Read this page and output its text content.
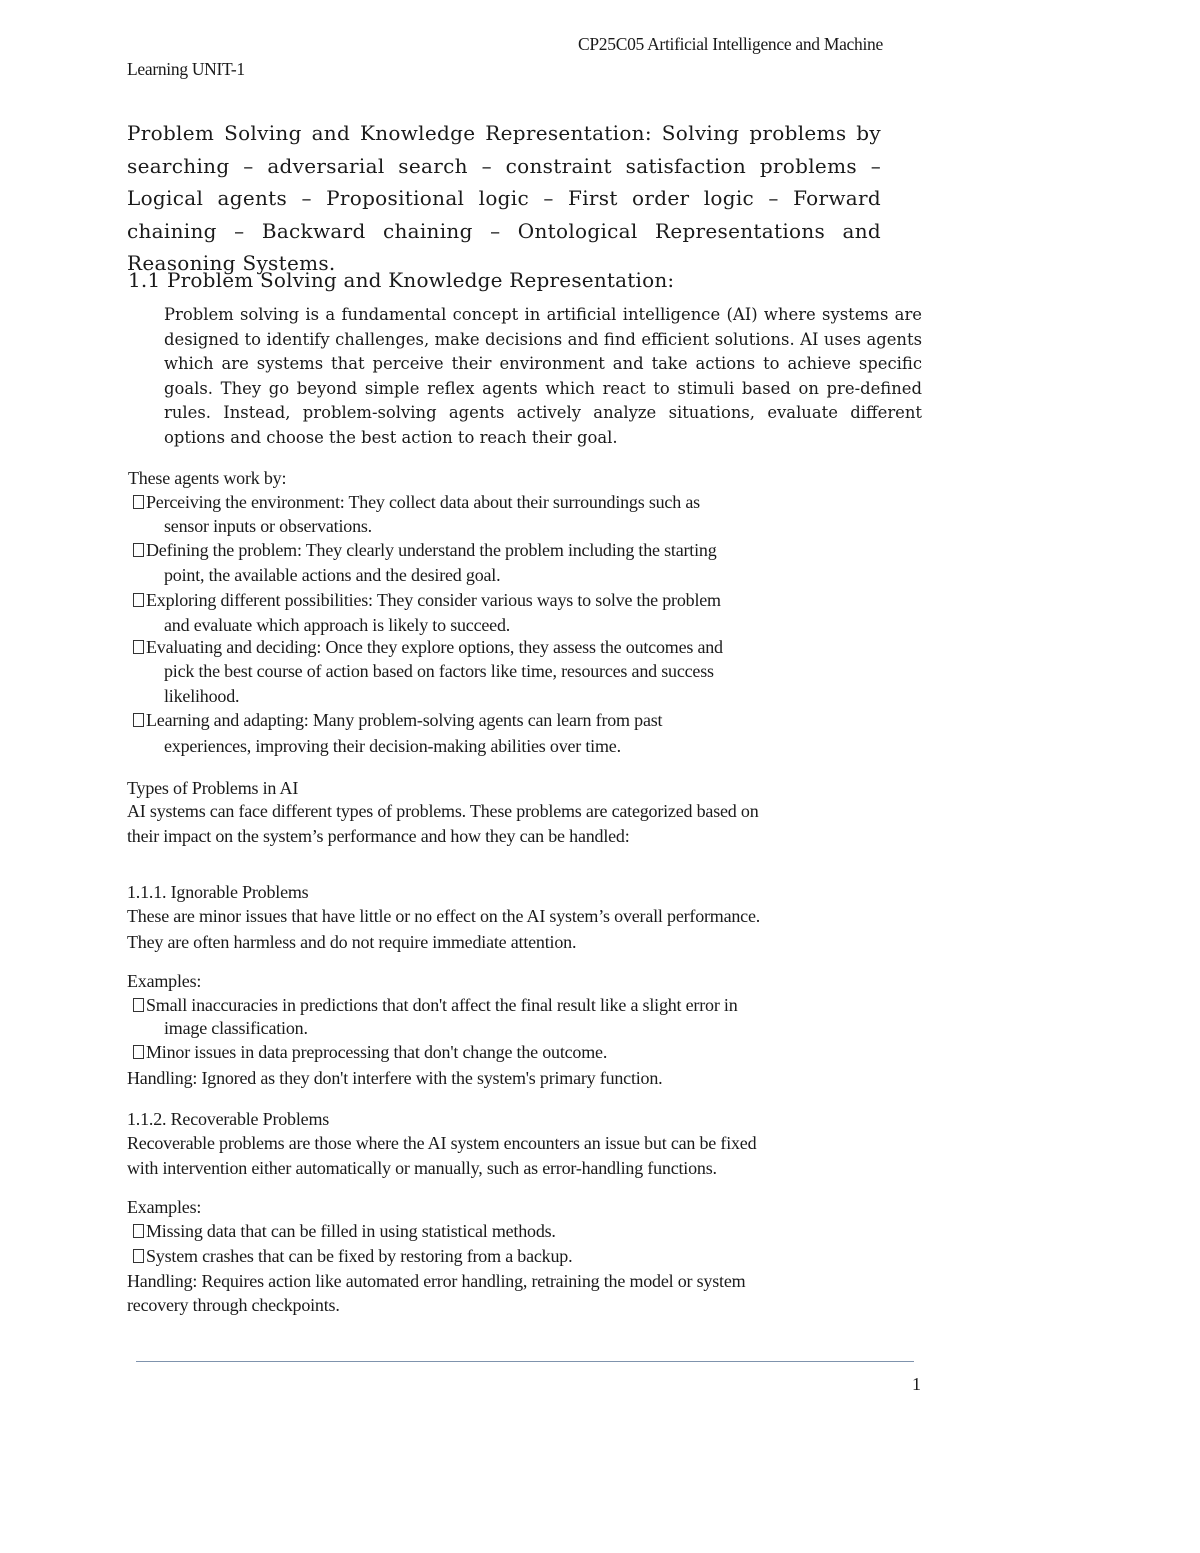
CP25C05 Artificial Intelligence and Machine
Learning UNIT-1
Problem Solving and Knowledge Representation: Solving problems by searching – adversarial search – constraint satisfaction problems – Logical agents – Propositional logic – First order logic – Forward chaining – Backward chaining – Ontological Representations and Reasoning Systems.
1.1 Problem Solving and Knowledge Representation:
Problem solving is a fundamental concept in artificial intelligence (AI) where systems are designed to identify challenges, make decisions and find efficient solutions. AI uses agents which are systems that perceive their environment and take actions to achieve specific goals. They go beyond simple reflex agents which react to stimuli based on pre-defined rules. Instead, problem-solving agents actively analyze situations, evaluate different options and choose the best action to reach their goal.
These agents work by:
Perceiving the environment: They collect data about their surroundings such as
sensor inputs or observations.
Defining the problem: They clearly understand the problem including the starting
point, the available actions and the desired goal.
Exploring different possibilities: They consider various ways to solve the problem
and evaluate which approach is likely to succeed.
Evaluating and deciding: Once they explore options, they assess the outcomes and
pick the best course of action based on factors like time, resources and success
likelihood.
Learning and adapting: Many problem-solving agents can learn from past
experiences, improving their decision-making abilities over time.
Types of Problems in AI
AI systems can face different types of problems. These problems are categorized based on
their impact on the system’s performance and how they can be handled:
1.1.1. Ignorable Problems
These are minor issues that have little or no effect on the AI system’s overall performance.
They are often harmless and do not require immediate attention.
Examples:
Small inaccuracies in predictions that don't affect the final result like a slight error in
image classification.
Minor issues in data preprocessing that don't change the outcome.
Handling: Ignored as they don't interfere with the system's primary function.
1.1.2. Recoverable Problems
Recoverable problems are those where the AI system encounters an issue but can be fixed
with intervention either automatically or manually, such as error-handling functions.
Examples:
Missing data that can be filled in using statistical methods.
System crashes that can be fixed by restoring from a backup.
Handling: Requires action like automated error handling, retraining the model or system
recovery through checkpoints.
1
